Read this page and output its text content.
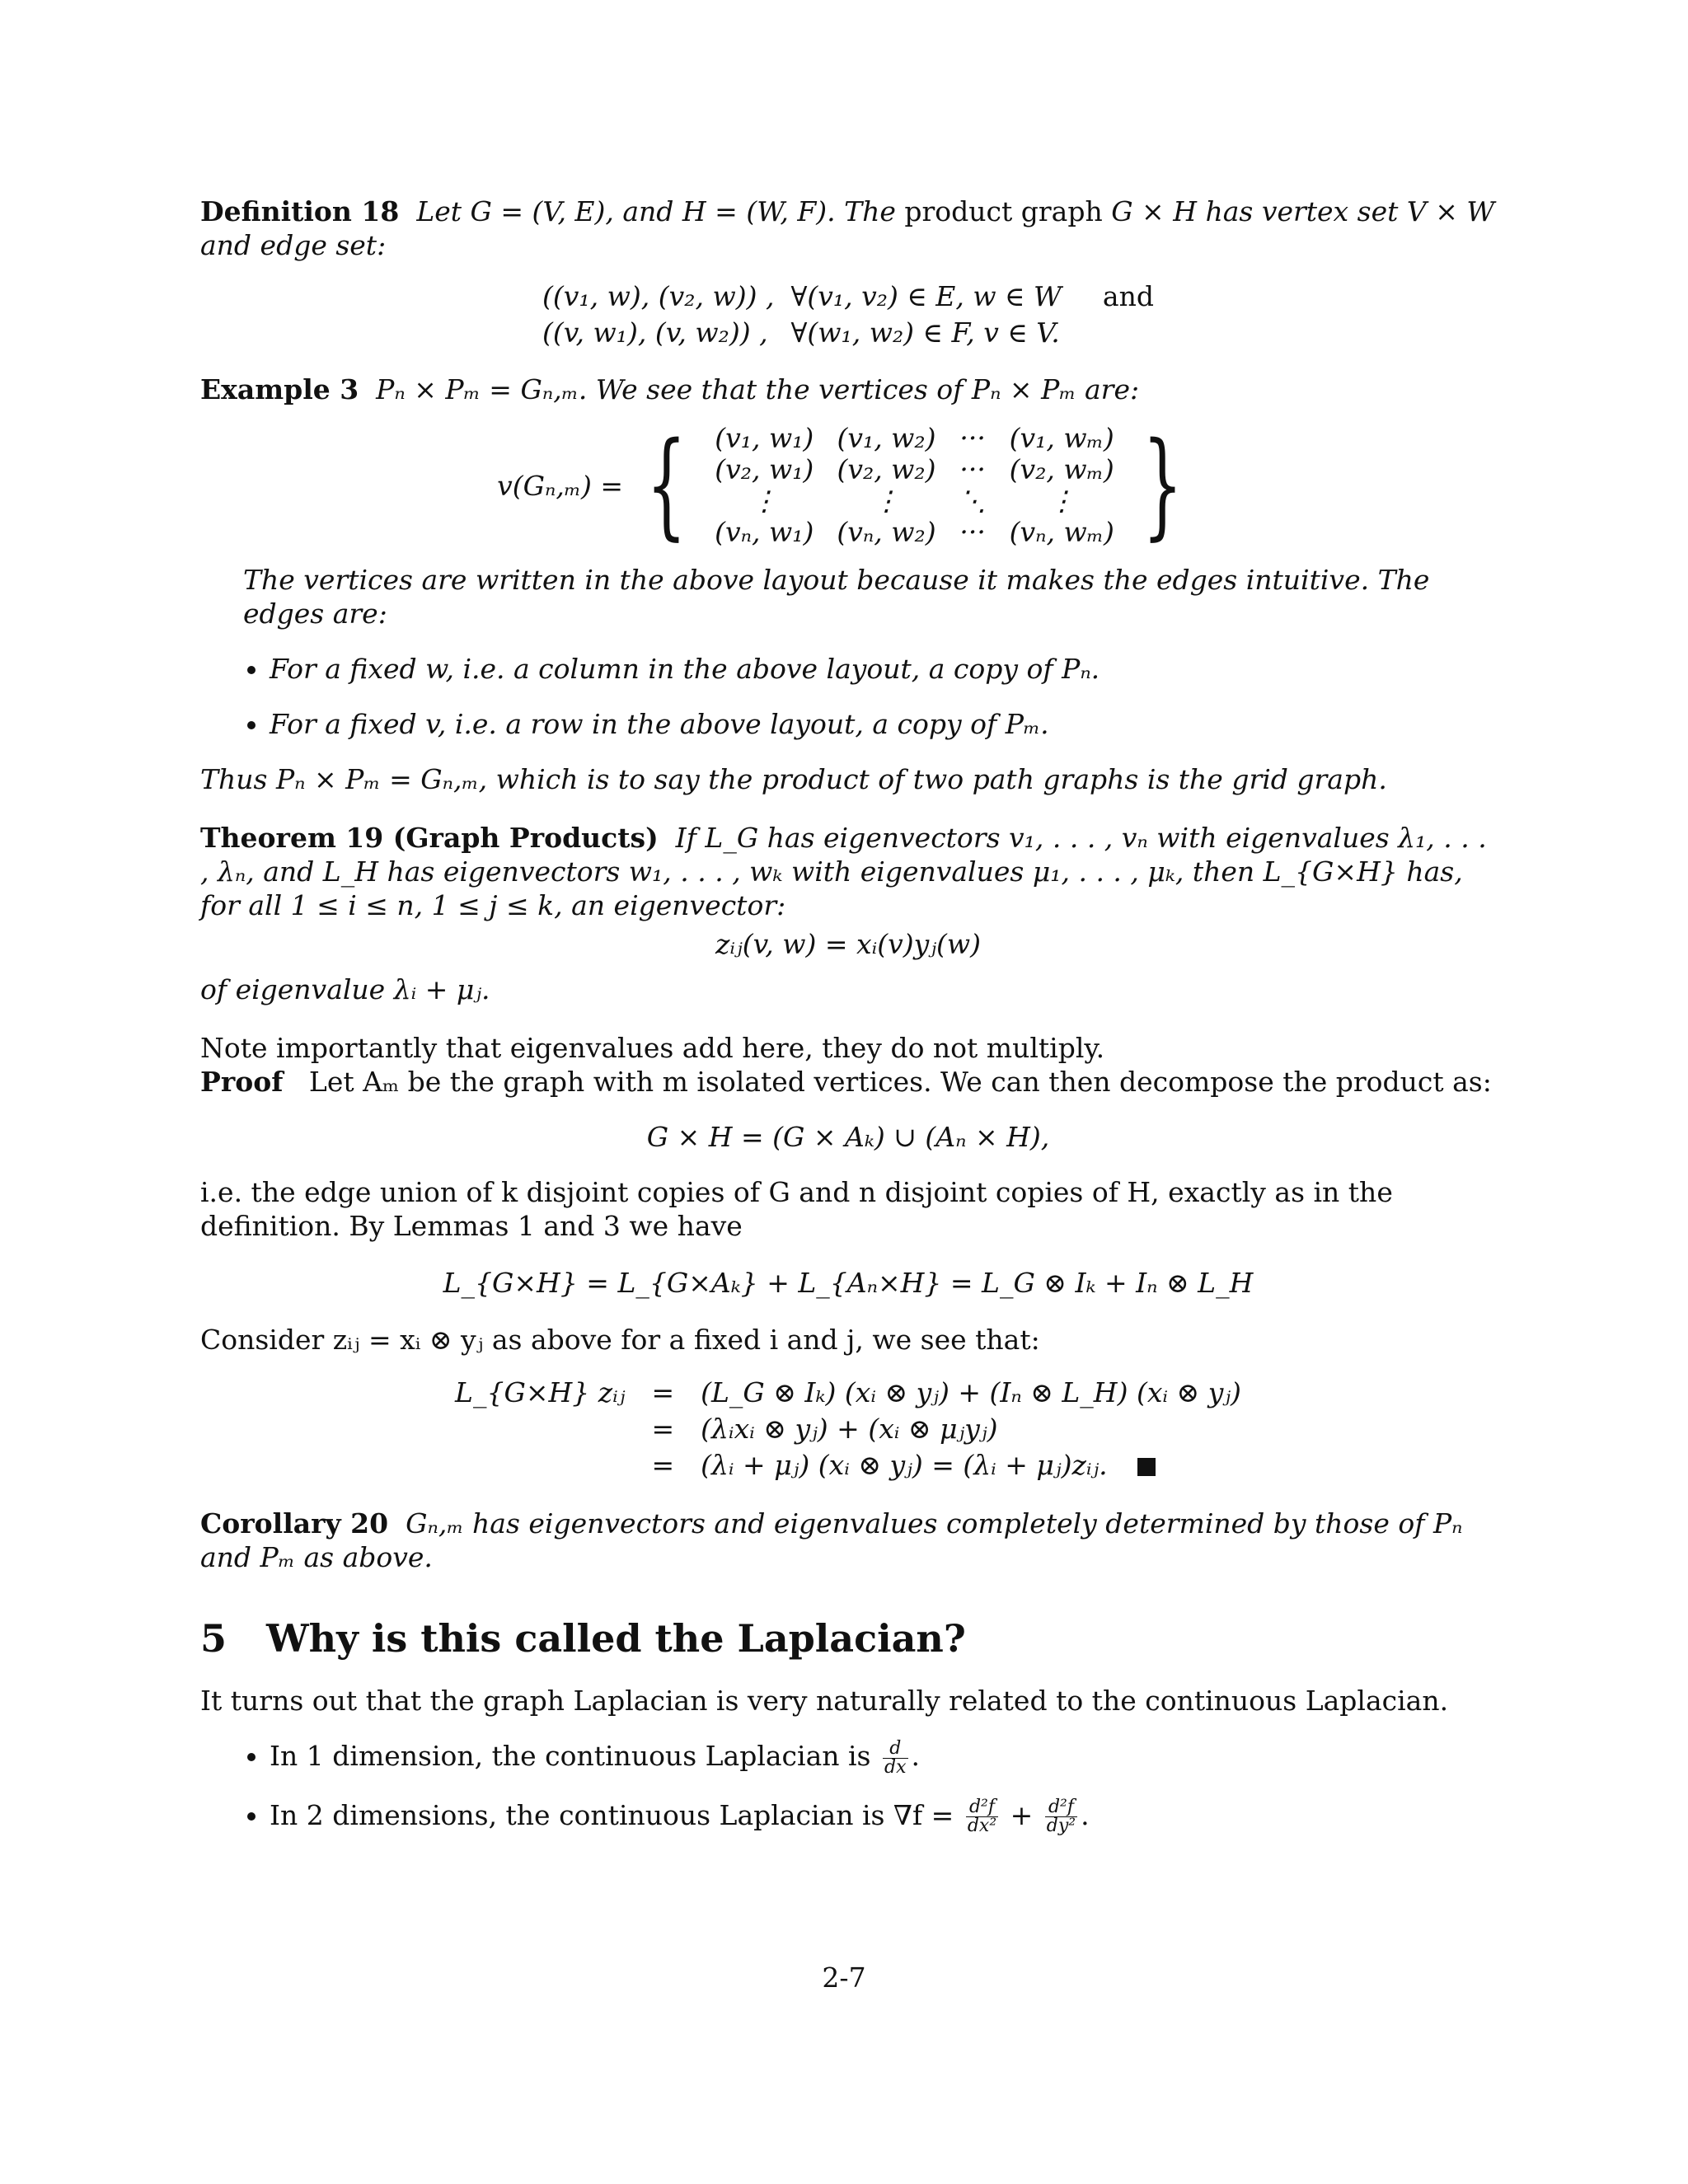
Definition 18 Let G = (V, E), and H = (W, F). The product graph G × H has vertex set V × W and edge set:

((v₁, w), (v₂, w)) ,	∀(v₁, v₂) ∈ E, w ∈ W	and
((v, w₁), (v, w₂)) ,	∀(w₁, w₂) ∈ F, v ∈ V.	

Example 3 Pₙ × Pₘ = Gₙ,ₘ. We see that the vertices of Pₙ × Pₘ are:

v(Gₙ,ₘ) = { (v₁, w₁)	(v₁, w₂)	···	(v₁, wₘ)
(v₂, w₁)	(v₂, w₂)	···	(v₂, wₘ)
⋮	⋮	⋱	⋮
(vₙ, w₁)	(vₙ, w₂)	···	(vₙ, wₘ) }

The vertices are written in the above layout because it makes the edges intuitive. The edges are:

• For a fixed w, i.e. a column in the above layout, a copy of Pₙ.
• For a fixed v, i.e. a row in the above layout, a copy of Pₘ.

Thus Pₙ × Pₘ = Gₙ,ₘ, which is to say the product of two path graphs is the grid graph.

Theorem 19 (Graph Products) If L_G has eigenvectors v₁, . . . , vₙ with eigenvalues λ₁, . . . , λₙ, and L_H has eigenvectors w₁, . . . , wₖ with eigenvalues μ₁, . . . , μₖ, then L_{G×H} has, for all 1 ≤ i ≤ n, 1 ≤ j ≤ k, an eigenvector:

zᵢⱼ(v, w) = xᵢ(v)yⱼ(w)

of eigenvalue λᵢ + μⱼ.

Note importantly that eigenvalues add here, they do not multiply.

Proof Let Aₘ be the graph with m isolated vertices. We can then decompose the product as:

G × H = (G × Aₖ) ∪ (Aₙ × H),

i.e. the edge union of k disjoint copies of G and n disjoint copies of H, exactly as in the definition. By Lemmas 1 and 3 we have

L_{G×H} = L_{G×Aₖ} + L_{Aₙ×H} = L_G ⊗ Iₖ + Iₙ ⊗ L_H

Consider zᵢⱼ = xᵢ ⊗ yⱼ as above for a fixed i and j, we see that:

L_{G×H} zᵢⱼ	=	(L_G ⊗ Iₖ) (xᵢ ⊗ yⱼ) + (Iₙ ⊗ L_H) (xᵢ ⊗ yⱼ)
	=	(λᵢxᵢ ⊗ yⱼ) + (xᵢ ⊗ μⱼyⱼ)
	=	(λᵢ + μⱼ) (xᵢ ⊗ yⱼ) = (λᵢ + μⱼ)zᵢⱼ.

Corollary 20 Gₙ,ₘ has eigenvectors and eigenvalues completely determined by those of Pₙ and Pₘ as above.

5 Why is this called the Laplacian?

It turns out that the graph Laplacian is very naturally related to the continuous Laplacian.

• In 1 dimension, the continuous Laplacian is $\frac{d}{dx}$ .
• In 2 dimensions, the continuous Laplacian is $\nabla f = \frac{\text{d²f}}{\text{dx²}} + \frac{\text{d²f}}{\text{dy²}}$ .
2-7
